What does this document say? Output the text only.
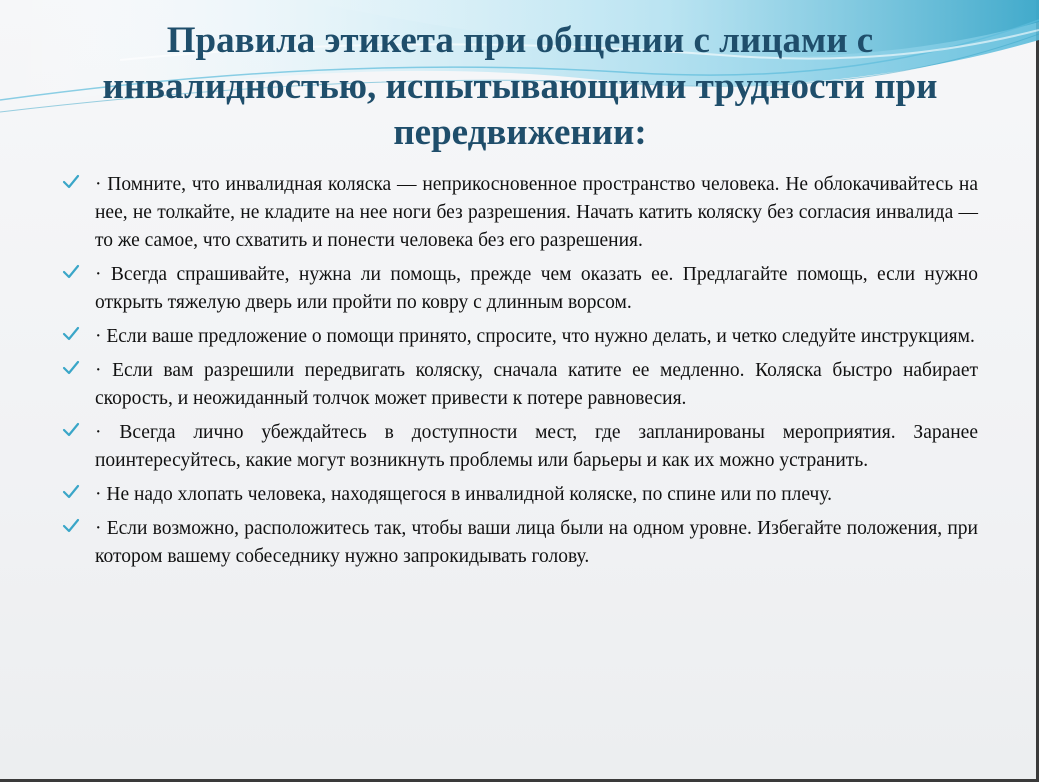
Правила этикета при общении с лицами с инвалидностью, испытывающими трудности при передвижении:
· Помните, что инвалидная коляска — неприкосновенное пространство человека. Не облокачивайтесь на нее, не толкайте, не кладите на нее ноги без разрешения. Начать катить коляску без согласия инвалида — то же самое, что схватить и понести человека без его разрешения.
· Всегда спрашивайте, нужна ли помощь, прежде чем оказать ее. Предлагайте помощь, если нужно открыть тяжелую дверь или пройти по ковру с длинным ворсом.
· Если ваше предложение о помощи принято, спросите, что нужно делать, и четко следуйте инструкциям.
· Если вам разрешили передвигать коляску, сначала катите ее медленно. Коляска быстро набирает скорость, и неожиданный толчок может привести к потере равновесия.
· Всегда лично убеждайтесь в доступности мест, где запланированы мероприятия. Заранее поинтересуйтесь, какие могут возникнуть проблемы или барьеры и как их можно устранить.
· Не надо хлопать человека, находящегося в инвалидной коляске, по спине или по плечу.
· Если возможно, расположитесь так, чтобы ваши лица были на одном уровне. Избегайте положения, при котором вашему собеседнику нужно запрокидывать голову.
